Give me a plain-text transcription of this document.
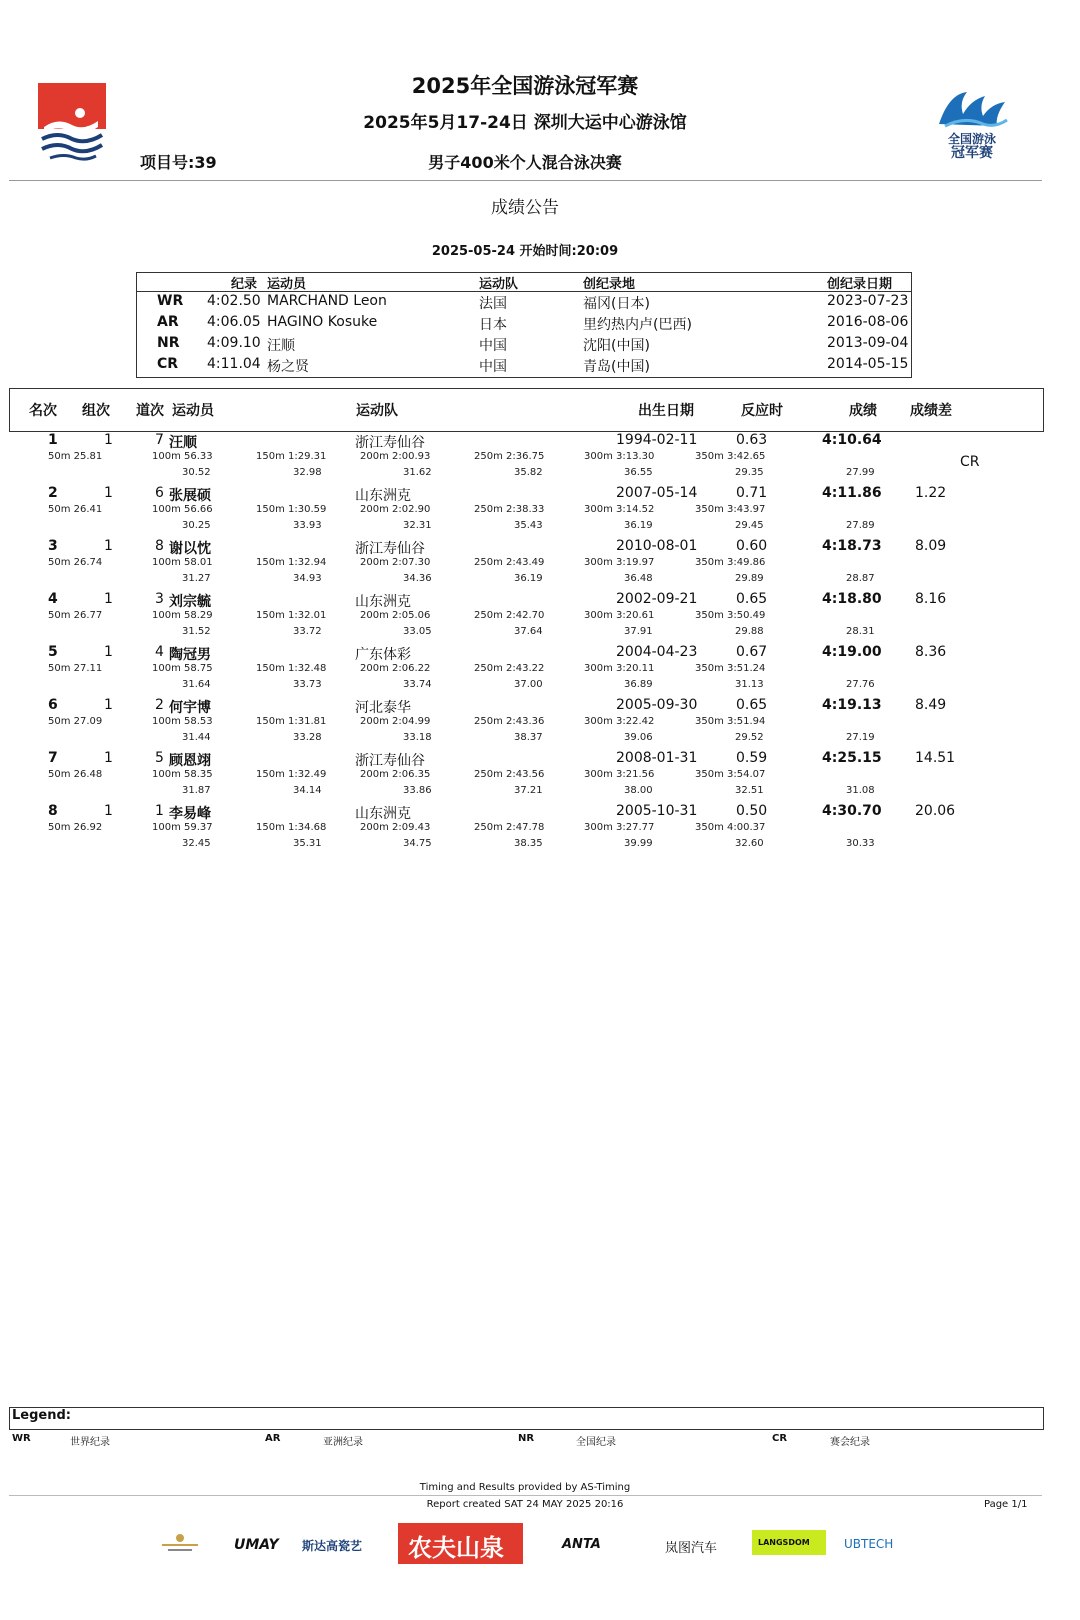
全国游泳
冠军赛
2025年全国游泳冠军赛
2025年5月17-24日 深圳大运中心游泳馆
项目号:39	男子400米个人混合泳决赛
成绩公告
2025-05-24 开始时间:20:09
纪录 运动员	运动队	创纪录地	创纪录日期
WR 4:02.50 MARCHAND Leon	法国	福冈(日本)	2023-07-23
AR 4:06.05 HAGINO Kosuke	日本	里约热内卢(巴西)	2016-08-06
NR 4:09.10 汪顺	中国	沈阳(中国)	2013-09-04
CR 4:11.04 杨之贤	中国	青岛(中国)	2014-05-15
名次 组次 道次 运动员	运动队	出生日期	反应时	成绩 成绩差
1	1	7 汪顺	浙江寿仙谷	1994-02-11	0.63	4:10.64
50m 25.81	100m 56.33	150m 1:29.31	200m 2:00.93	250m 2:36.75	300m 3:13.30	350m 3:42.65
30.52	32.98	31.62	35.82	36.55	29.35	27.99
CR
2	1	6 张展硕	山东洲克	2007-05-14	0.71	4:11.86 1.22
50m 26.41	100m 56.66	150m 1:30.59	200m 2:02.90	250m 2:38.33	300m 3:14.52	350m 3:43.97
30.25	33.93	32.31	35.43	36.19	29.45	27.89
3	1	8 谢以忱	浙江寿仙谷	2010-08-01	0.60	4:18.73 8.09
50m 26.74	100m 58.01	150m 1:32.94	200m 2:07.30	250m 2:43.49	300m 3:19.97	350m 3:49.86
31.27	34.93	34.36	36.19	36.48	29.89	28.87
4	1	3 刘宗毓	山东洲克	2002-09-21	0.65	4:18.80 8.16
50m 26.77	100m 58.29	150m 1:32.01	200m 2:05.06	250m 2:42.70	300m 3:20.61	350m 3:50.49
31.52	33.72	33.05	37.64	37.91	29.88	28.31
5	1	4 陶冠男	广东体彩	2004-04-23	0.67	4:19.00 8.36
50m 27.11	100m 58.75	150m 1:32.48	200m 2:06.22	250m 2:43.22	300m 3:20.11	350m 3:51.24
31.64	33.73	33.74	37.00	36.89	31.13	27.76
6	1	2 何宇博	河北泰华	2005-09-30	0.65	4:19.13 8.49
50m 27.09	100m 58.53	150m 1:31.81	200m 2:04.99	250m 2:43.36	300m 3:22.42	350m 3:51.94
31.44	33.28	33.18	38.37	39.06	29.52	27.19
7	1	5 顾恩翊	浙江寿仙谷	2008-01-31	0.59	4:25.15 14.51
50m 26.48	100m 58.35	150m 1:32.49	200m 2:06.35	250m 2:43.56	300m 3:21.56	350m 3:54.07
31.87	34.14	33.86	37.21	38.00	32.51	31.08
8	1	1 李易峰	山东洲克	2005-10-31	0.50	4:30.70 20.06
50m 26.92	100m 59.37	150m 1:34.68	200m 2:09.43	250m 2:47.78	300m 3:27.77	350m 4:00.37
32.45	35.31	34.75	38.35	39.99	32.60	30.33
Legend:
WR	世界纪录	AR	亚洲纪录	NR	全国纪录	CR	赛会纪录
Timing and Results provided by AS-Timing
Report created SAT 24 MAY 2025 20:16	Page 1/1
UMAY 斯达高瓷艺 农夫山泉	ANTA	岚图汽车	LANGSDOM	UBTECH
